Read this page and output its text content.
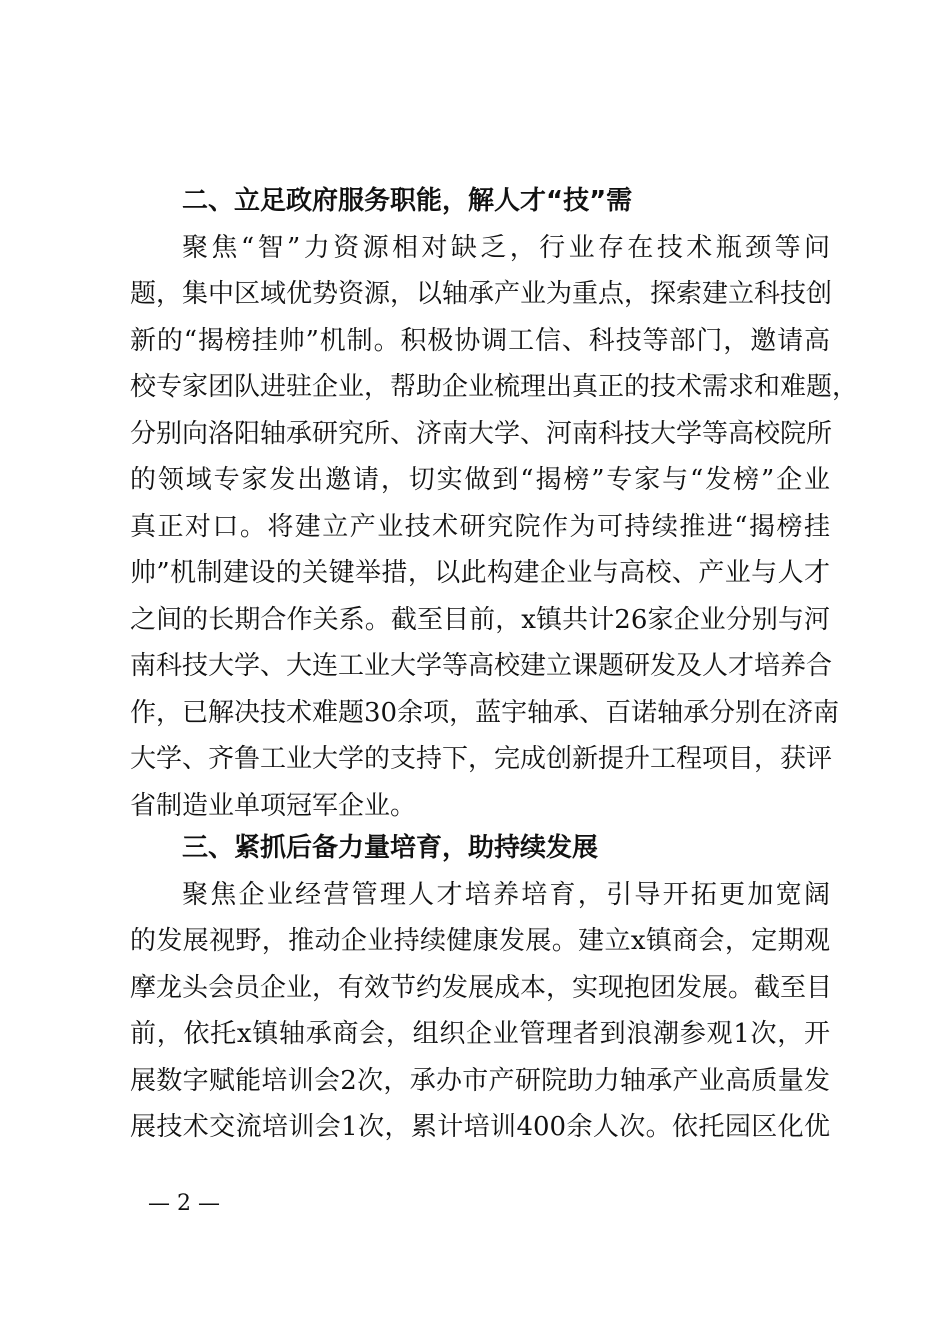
二、立足政府服务职能，解人才“技”需
聚焦“智”力资源相对缺乏，行业存在技术瓶颈等问
题，集中区域优势资源，以轴承产业为重点，探索建立科技创
新的“揭榜挂帅”机制。积极协调工信、科技等部门，邀请高
校专家团队进驻企业，帮助企业梳理出真正的技术需求和难题，
分别向洛阳轴承研究所、济南大学、河南科技大学等高校院所
的领域专家发出邀请，切实做到“揭榜”专家与“发榜”企业
真正对口。将建立产业技术研究院作为可持续推进“揭榜挂
帅”机制建设的关键举措，以此构建企业与高校、产业与人才
之间的长期合作关系。截至目前，x镇共计26家企业分别与河
南科技大学、大连工业大学等高校建立课题研发及人才培养合
作，已解决技术难题30余项，蓝宇轴承、百诺轴承分别在济南
大学、齐鲁工业大学的支持下，完成创新提升工程项目，获评
省制造业单项冠军企业。
三、紧抓后备力量培育，助持续发展
聚焦企业经营管理人才培养培育，引导开拓更加宽阔
的发展视野，推动企业持续健康发展。建立x镇商会，定期观
摩龙头会员企业，有效节约发展成本，实现抱团发展。截至目
前，依托x镇轴承商会，组织企业管理者到浪潮参观1次，开
展数字赋能培训会2次，承办市产研院助力轴承产业高质量发
展技术交流培训会1次，累计培训400余人次。依托园区化优
— 2 —
